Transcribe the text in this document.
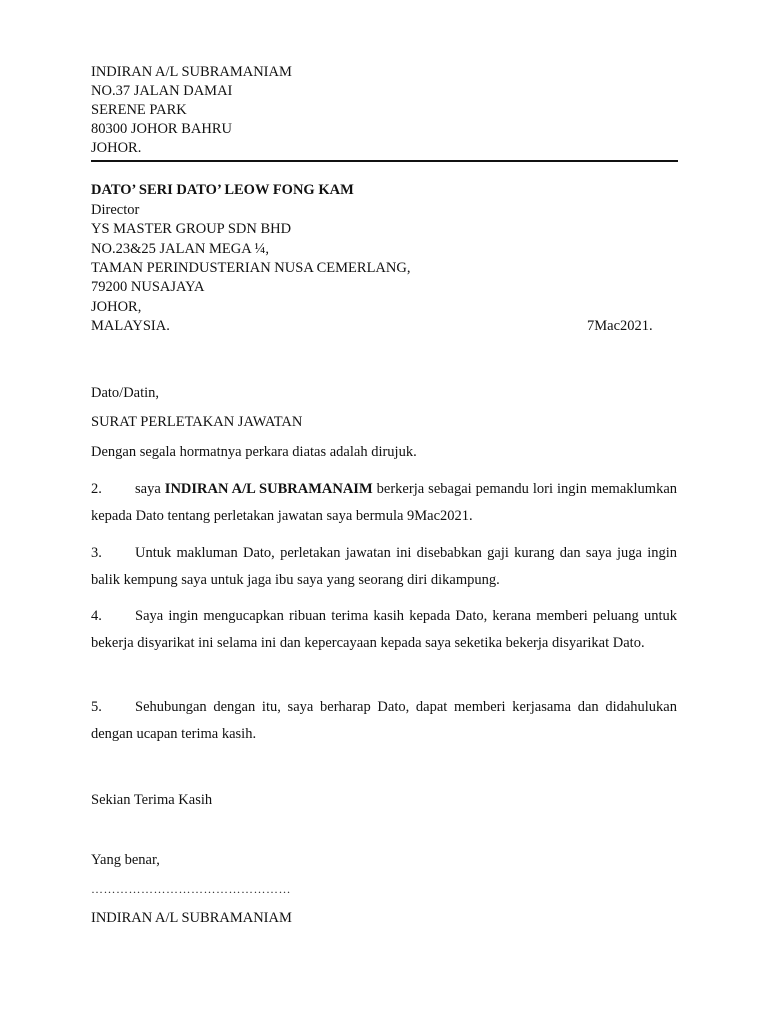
INDIRAN A/L SUBRAMANIAM
NO.37 JALAN DAMAI
SERENE PARK
80300 JOHOR BAHRU
JOHOR.
DATO’ SERI DATO’ LEOW FONG KAM
Director
YS MASTER GROUP SDN BHD
NO.23&25 JALAN MEGA ¼,
TAMAN PERINDUSTERIAN NUSA CEMERLANG,
79200 NUSAJAYA
JOHOR,
MALAYSIA.	7Mac2021.
Dato/Datin,
SURAT PERLETAKAN JAWATAN
Dengan segala hormatnya perkara diatas adalah dirujuk.
2. saya INDIRAN A/L SUBRAMANAIM berkerja sebagai pemandu lori ingin memaklumkan kepada Dato tentang perletakan jawatan saya bermula 9Mac2021.
3. Untuk makluman Dato, perletakan jawatan ini disebabkan gaji kurang dan saya juga ingin balik kempung saya untuk jaga ibu saya yang seorang diri dikampung.
4. Saya ingin mengucapkan ribuan terima kasih kepada Dato, kerana memberi peluang untuk bekerja disyarikat ini selama ini dan kepercayaan kepada saya seketika bekerja disyarikat Dato.
5. Sehubungan dengan itu, saya berharap Dato, dapat memberi kerjasama dan didahulukan dengan ucapan terima kasih.
Sekian Terima Kasih
Yang benar,
…………………………………………
INDIRAN A/L SUBRAMANIAM
